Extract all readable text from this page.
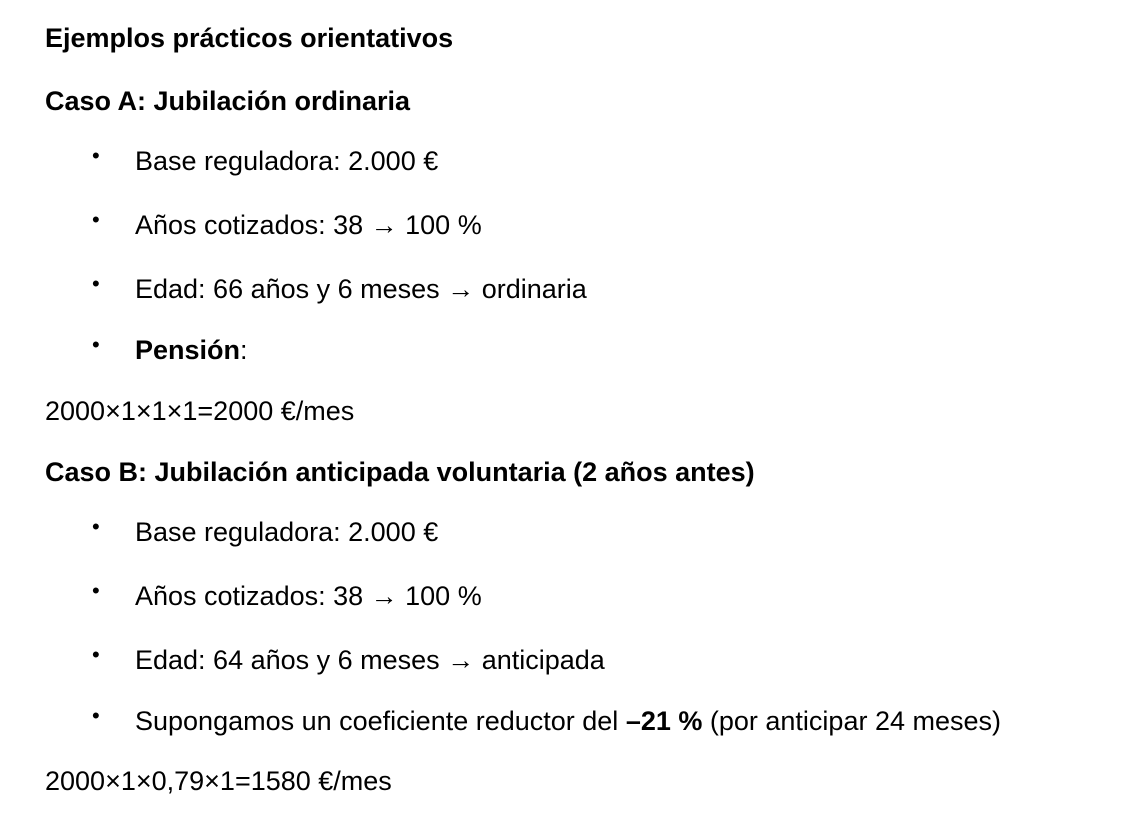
Ejemplos prácticos orientativos
Caso A: Jubilación ordinaria
• Base reguladora: 2.000 €
• Años cotizados: 38 → 100 %
• Edad: 66 años y 6 meses → ordinaria
• Pensión:
2000×1×1×1=2000 €/mes
Caso B: Jubilación anticipada voluntaria (2 años antes)
• Base reguladora: 2.000 €
• Años cotizados: 38 → 100 %
• Edad: 64 años y 6 meses → anticipada
• Supongamos un coeficiente reductor del –21 % (por anticipar 24 meses)
2000×1×0,79×1=1580 €/mes
